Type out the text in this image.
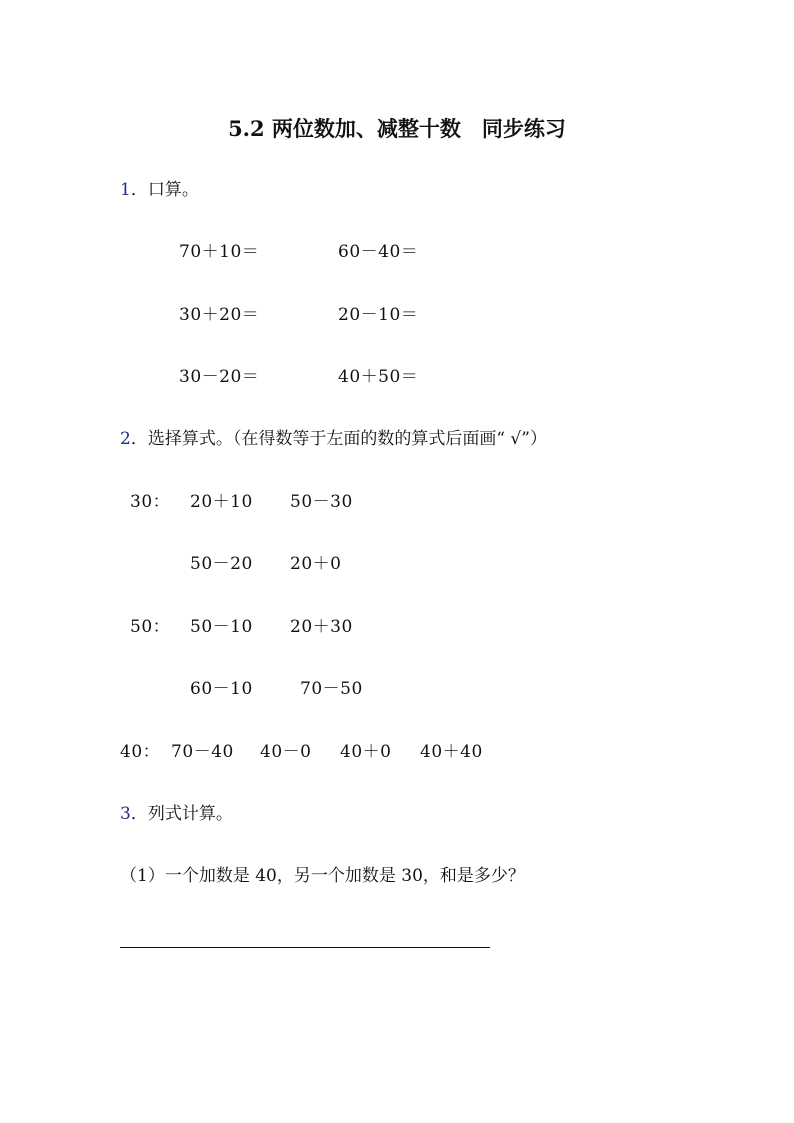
5.2 两位数加、减整十数　同步练习
1．口算。
70＋10＝	60－40＝
30＋20＝	20－10＝
30－20＝	40＋50＝
2．选择算式。（在得数等于左面的数的算式后面画“ √”）
30： 20＋10 50－30
50－20 20＋0
50： 50－10 20＋30
60－10	70－50
40： 70－40 40－0 40＋0 40＋40
3．列式计算。
（1）一个加数是 40，另一个加数是 30，和是多少？
